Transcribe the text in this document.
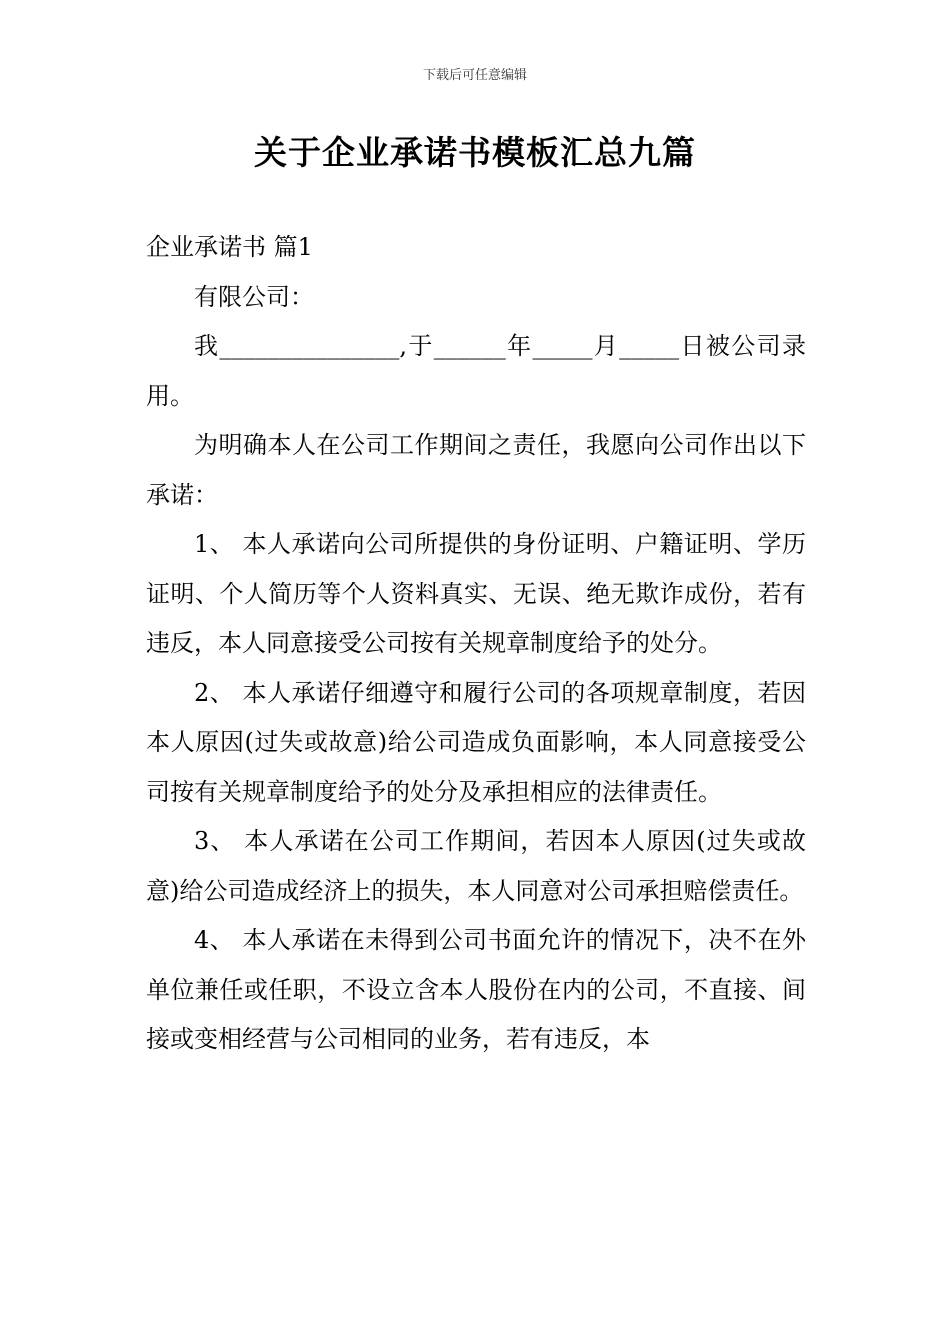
下载后可任意编辑
关于企业承诺书模板汇总九篇

企业承诺书 篇1

有限公司：

我_______________,于______年_____月_____日被公司录用。

为明确本人在公司工作期间之责任，我愿向公司作出以下承诺：

1、 本人承诺向公司所提供的身份证明、户籍证明、学历证明、个人简历等个人资料真实、无误、绝无欺诈成份，若有违反，本人同意接受公司按有关规章制度给予的处分。

2、 本人承诺仔细遵守和履行公司的各项规章制度，若因本人原因(过失或故意)给公司造成负面影响，本人同意接受公司按有关规章制度给予的处分及承担相应的法律责任。

3、 本人承诺在公司工作期间，若因本人原因(过失或故意)给公司造成经济上的损失，本人同意对公司承担赔偿责任。

4、 本人承诺在未得到公司书面允许的情况下，决不在外单位兼任或任职，不设立含本人股份在内的公司，不直接、间接或变相经营与公司相同的业务，若有违反，本
